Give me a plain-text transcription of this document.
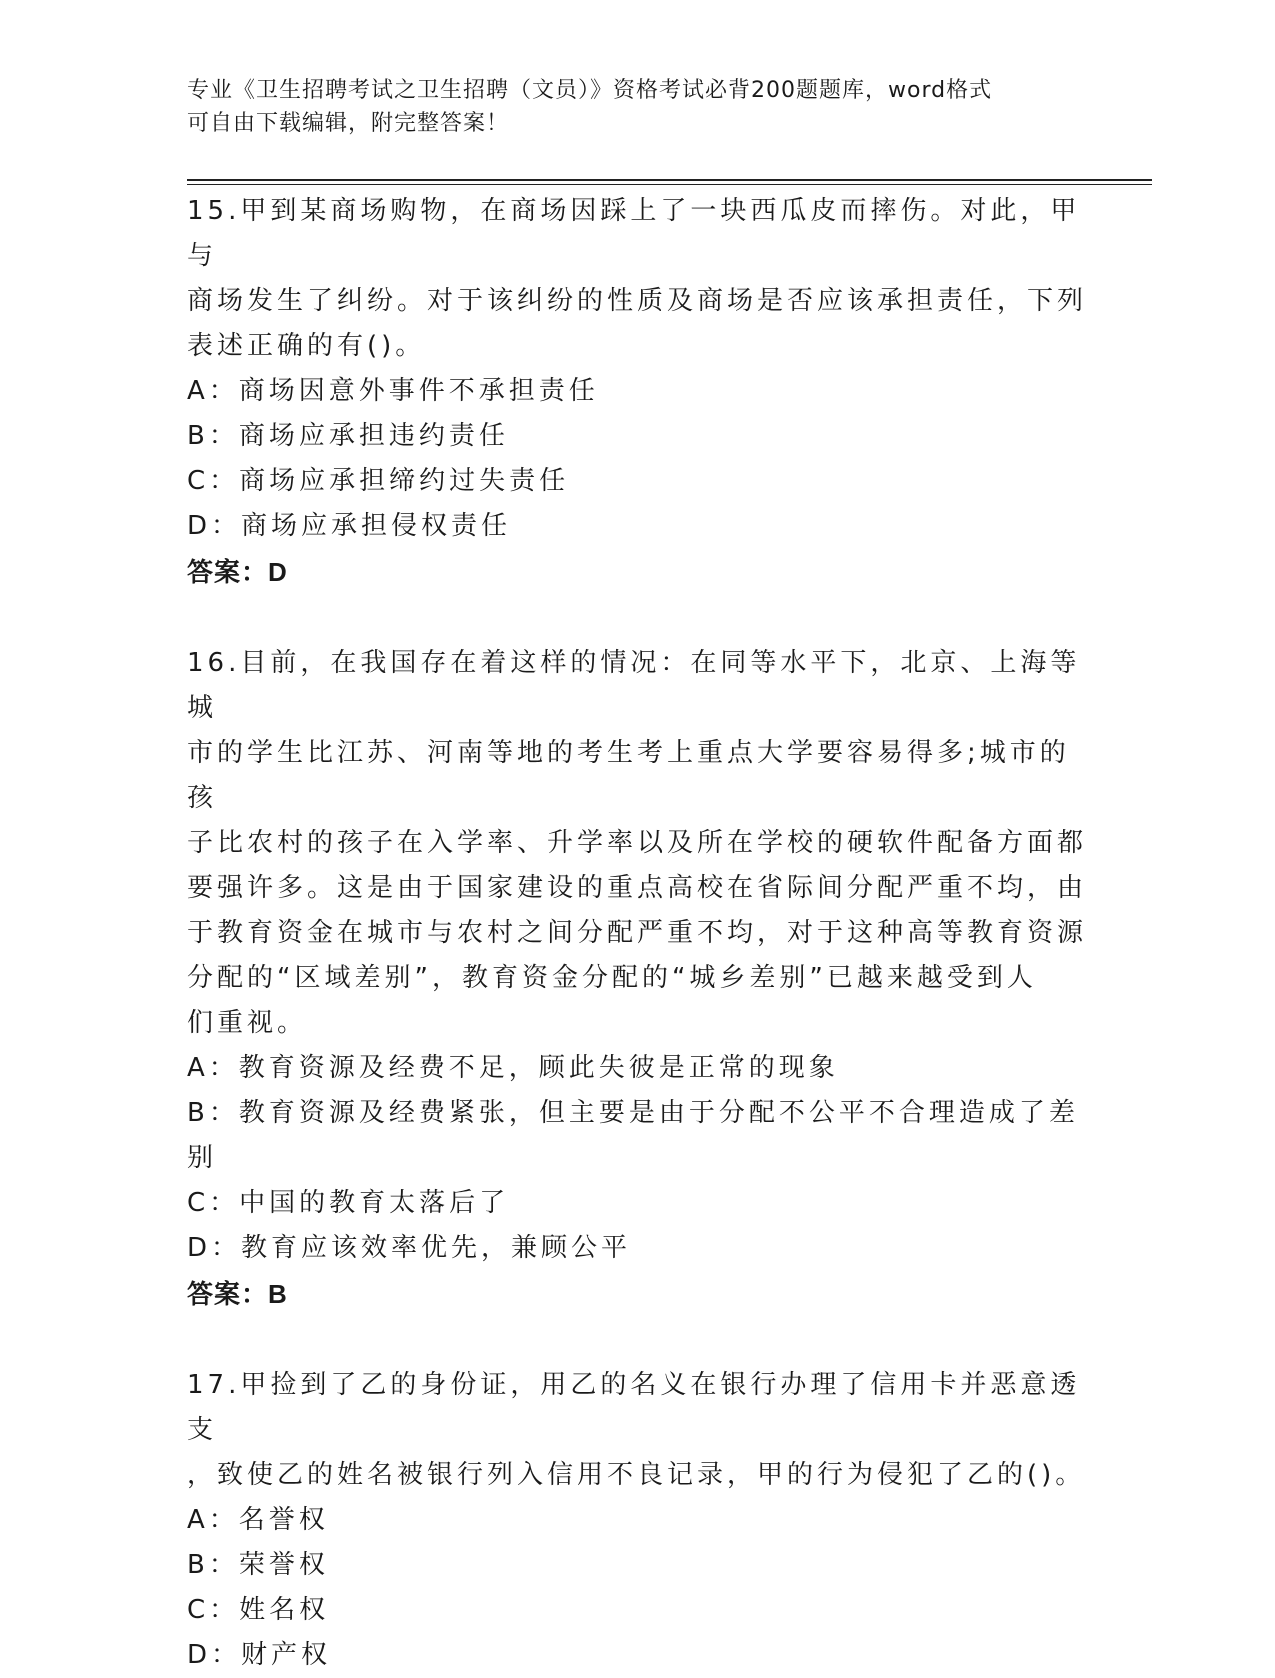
专业《卫生招聘考试之卫生招聘（文员）》资格考试必背200题题库，word格式
可自由下载编辑，附完整答案！

15.甲到某商场购物，在商场因踩上了一块西瓜皮而摔伤。对此，甲与

商场发生了纠纷。对于该纠纷的性质及商场是否应该承担责任，下列

表述正确的有()。

A：商场因意外事件不承担责任

B：商场应承担违约责任

C：商场应承担缔约过失责任

D：商场应承担侵权责任

答案：D

16.目前，在我国存在着这样的情况：在同等水平下，北京、上海等城

市的学生比江苏、河南等地的考生考上重点大学要容易得多;城市的孩

子比农村的孩子在入学率、升学率以及所在学校的硬软件配备方面都

要强许多。这是由于国家建设的重点高校在省际间分配严重不均，由

于教育资金在城市与农村之间分配严重不均，对于这种高等教育资源

分配的“区域差别”，教育资金分配的“城乡差别”已越来越受到人

们重视。

A：教育资源及经费不足，顾此失彼是正常的现象

B：教育资源及经费紧张，但主要是由于分配不公平不合理造成了差别

C：中国的教育太落后了

D：教育应该效率优先，兼顾公平

答案：B

17.甲捡到了乙的身份证，用乙的名义在银行办理了信用卡并恶意透支

，致使乙的姓名被银行列入信用不良记录，甲的行为侵犯了乙的()。

A：名誉权

B：荣誉权

C：姓名权

D：财产权
